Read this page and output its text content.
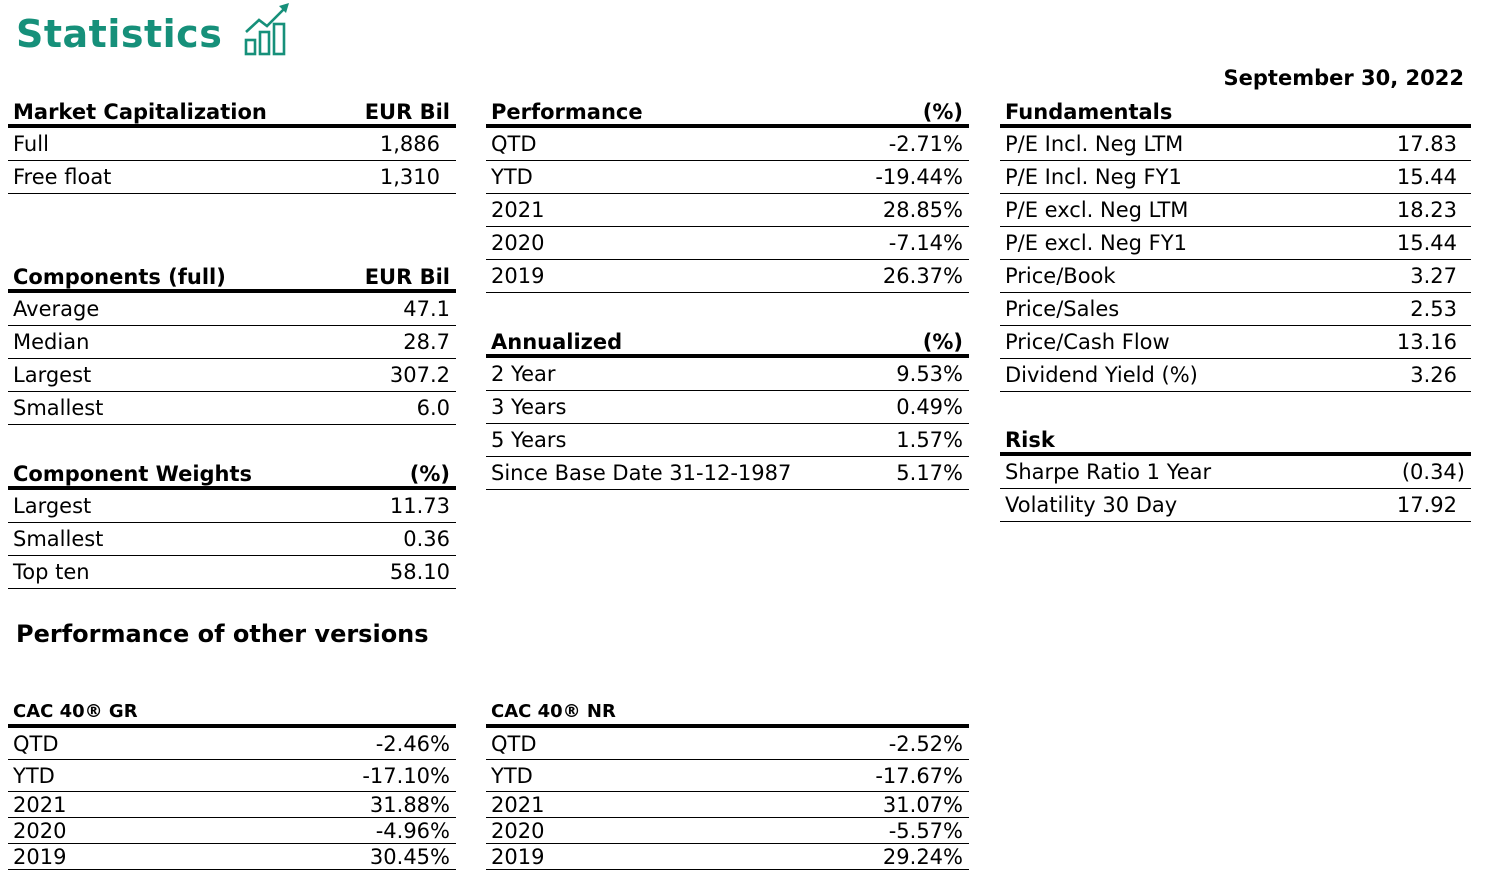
Statistics
September 30, 2022
Market Capitalization	EUR Bil
Full	1,886
Free float	1,310
Components (full)	EUR Bil
Average	47.1
Median	28.7
Largest	307.2
Smallest	6.0
Component Weights	(%)
Largest	11.73
Smallest	0.36
Top ten	58.10
Performance	(%)
QTD	-2.71%
YTD	-19.44%
2021	28.85%
2020	-7.14%
2019	26.37%
Annualized	(%)
2 Year	9.53%
3 Years	0.49%
5 Years	1.57%
Since Base Date 31-12-1987	5.17%
Fundamentals
P/E Incl. Neg LTM	17.83
P/E Incl. Neg FY1	15.44
P/E excl. Neg LTM	18.23
P/E excl. Neg FY1	15.44
Price/Book	3.27
Price/Sales	2.53
Price/Cash Flow	13.16
Dividend Yield (%)	3.26
Risk
Sharpe Ratio 1 Year	(0.34)
Volatility 30 Day	17.92
Performance of other versions
CAC 40® GR
QTD	-2.46%
YTD	-17.10%
2021	31.88%
2020	-4.96%
2019	30.45%
CAC 40® NR
QTD	-2.52%
YTD	-17.67%
2021	31.07%
2020	-5.57%
2019	29.24%
